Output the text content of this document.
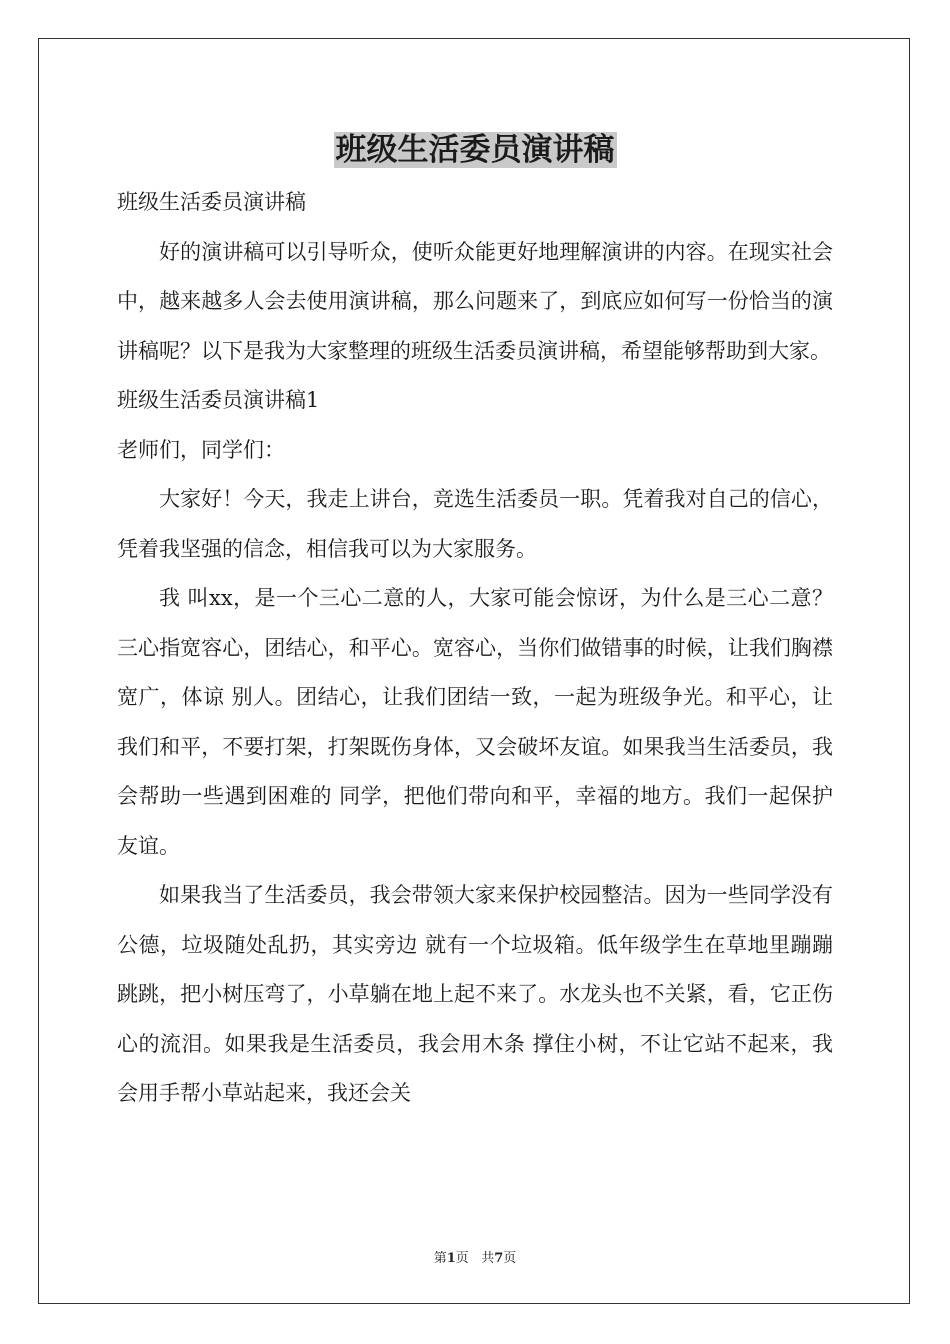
班级生活委员演讲稿

班级生活委员演讲稿

好的演讲稿可以引导听众，使听众能更好地理解演讲的内容。在现实社会中，越来越多人会去使用演讲稿，那么问题来了，到底应如何写一份恰当的演讲稿呢？以下是我为大家整理的班级生活委员演讲稿，希望能够帮助到大家。

班级生活委员演讲稿1

老师们，同学们：

大家好！今天，我走上讲台，竞选生活委员一职。凭着我对自己的信心，凭着我坚强的信念，相信我可以为大家服务。

我 叫xx，是一个三心二意的人，大家可能会惊讶，为什么是三心二意？三心指宽容心，团结心，和平心。宽容心，当你们做错事的时候，让我们胸襟宽广，体谅 别人。团结心，让我们团结一致，一起为班级争光。和平心，让我们和平，不要打架，打架既伤身体，又会破坏友谊。如果我当生活委员，我会帮助一些遇到困难的 同学，把他们带向和平，幸福的地方。我们一起保护友谊。

如果我当了生活委员，我会带领大家来保护校园整洁。因为一些同学没有公德，垃圾随处乱扔，其实旁边 就有一个垃圾箱。低年级学生在草地里蹦蹦跳跳，把小树压弯了，小草躺在地上起不来了。水龙头也不关紧，看，它正伤心的流泪。如果我是生活委员，我会用木条 撑住小树，不让它站不起来，我会用手帮小草站起来，我还会关

第1页 共7页
